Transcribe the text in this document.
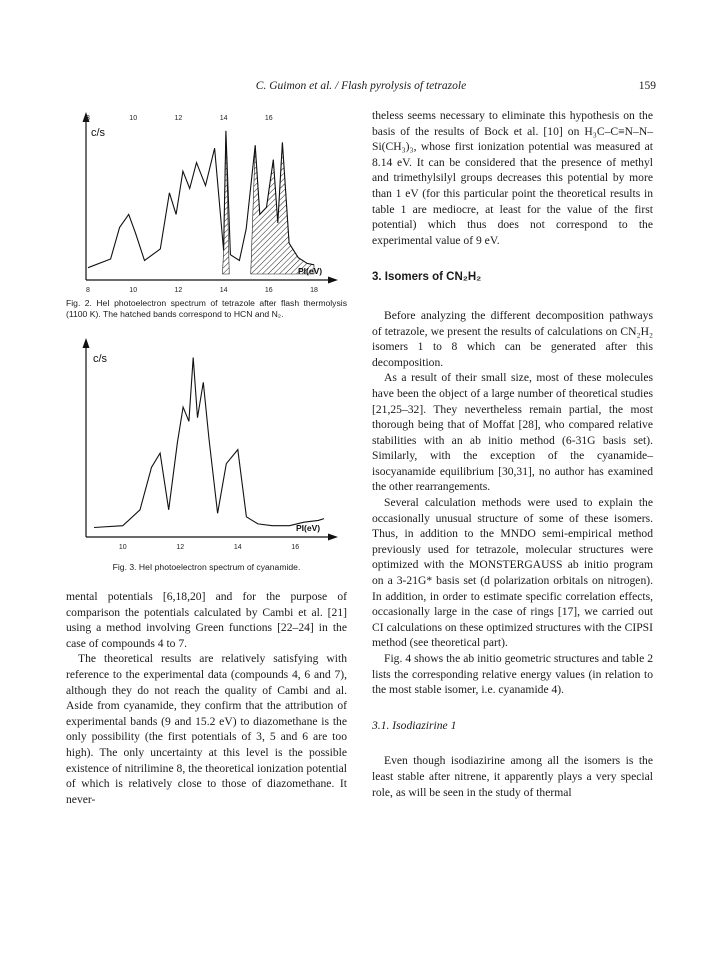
C. Guimon et al. / Flash pyrolysis of tetrazole	159
c/s
8	10	12	14	16
8	10	12	14	16	18
PI(eV)
Fig. 2. HeI photoelectron spectrum of tetrazole after flash thermolysis (1100 K). The hatched bands correspond to HCN and N₂.
c/s
10	12	14	16
PI(eV)
Fig. 3. HeI photoelectron spectrum of cyanamide.

mental potentials [6,18,20] and for the purpose of comparison the potentials calculated by Cambi et al. [21] using a method involving Green functions [22–24] in the case of compounds 4 to 7.

The theoretical results are relatively satisfying with reference to the experimental data (compounds 4, 6 and 7), although they do not reach the quality of Cambi and al. Aside from cyanamide, they confirm that the attribution of experimental bands (9 and 15.2 eV) to diazomethane is the only possibility (the first potentials of 3, 5 and 6 are too high). The only uncertainty at this level is the possible existence of nitrilimine 8, the theoretical ionization potential of which is relatively close to those of diazomethane. It never-

theless seems necessary to eliminate this hypothesis on the basis of the results of Bock et al. [10] on H₃C–C≡N–N–Si(CH₃)₃, whose first ionization potential was measured at 8.14 eV. It can be considered that the presence of methyl and trimethylsilyl groups decreases this potential by more than 1 eV (for this particular point the theoretical results in table 1 are mediocre, at least for the value of the first potential) which thus does not correspond to the experimental value of 9 eV.

3. Isomers of CN₂H₂

Before analyzing the different decomposition pathways of tetrazole, we present the results of calculations on CN₂H₂ isomers 1 to 8 which can be generated after this decomposition.

As a result of their small size, most of these molecules have been the object of a large number of theoretical studies [21,25–32]. They nevertheless remain partial, the most thorough being that of Moffat [28], who compared relative stabilities with an ab initio method (6-31G basis set). Similarly, with the exception of the cyanamide–isocyanamide equilibrium [30,31], no author has examined the other rearrangements.

Several calculation methods were used to explain the occasionally unusual structure of some of these isomers. Thus, in addition to the MNDO semi-empirical method previously used for tetrazole, molecular structures were optimized with the MONSTERGAUSS ab initio program on a 3-21G* basis set (d polarization orbitals on nitrogen). In addition, in order to estimate specific correlation effects, occasionally large in the case of rings [17], we carried out CI calculations on these optimized structures with the CIPSI method (see theoretical part).

Fig. 4 shows the ab initio geometric structures and table 2 lists the corresponding relative energy values (in relation to the most stable isomer, i.e. cyanamide 4).

3.1. Isodiazirine 1

Even though isodiazirine among all the isomers is the least stable after nitrene, it apparently plays a very special role, as will be seen in the study of thermal
